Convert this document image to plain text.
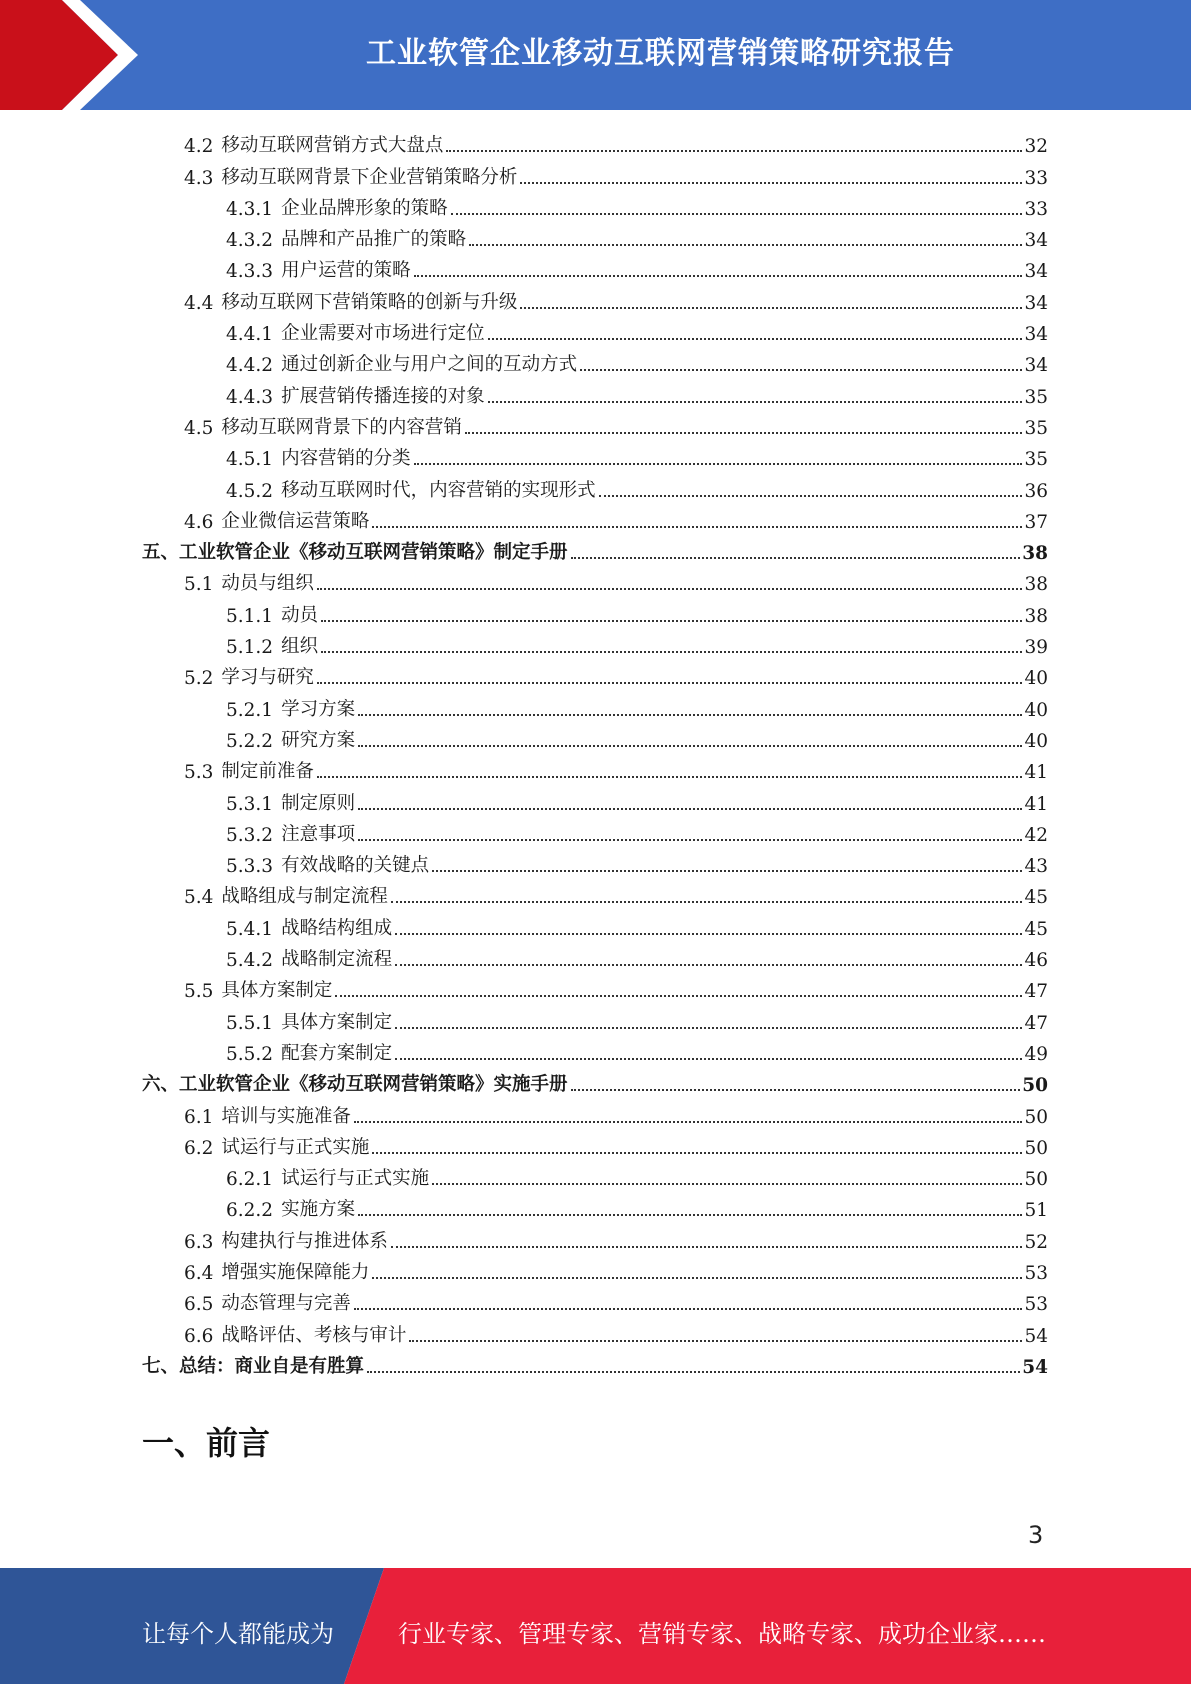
工业软管企业移动互联网营销策略研究报告
4.2 移动互联网营销方式大盘点	32
4.3 移动互联网背景下企业营销策略分析	33
4.3.1 企业品牌形象的策略	33
4.3.2 品牌和产品推广的策略	34
4.3.3 用户运营的策略	34
4.4 移动互联网下营销策略的创新与升级	34
4.4.1 企业需要对市场进行定位	34
4.4.2 通过创新企业与用户之间的互动方式	34
4.4.3 扩展营销传播连接的对象	35
4.5 移动互联网背景下的内容营销	35
4.5.1 内容营销的分类	35
4.5.2 移动互联网时代，内容营销的实现形式	36
4.6 企业微信运营策略	37
五、工业软管企业《移动互联网营销策略》制定手册	38
5.1 动员与组织	38
5.1.1 动员	38
5.1.2 组织	39
5.2 学习与研究	40
5.2.1 学习方案	40
5.2.2 研究方案	40
5.3 制定前准备	41
5.3.1 制定原则	41
5.3.2 注意事项	42
5.3.3 有效战略的关键点	43
5.4 战略组成与制定流程	45
5.4.1 战略结构组成	45
5.4.2 战略制定流程	46
5.5 具体方案制定	47
5.5.1 具体方案制定	47
5.5.2 配套方案制定	49
六、工业软管企业《移动互联网营销策略》实施手册	50
6.1 培训与实施准备	50
6.2 试运行与正式实施	50
6.2.1 试运行与正式实施	50
6.2.2 实施方案	51
6.3 构建执行与推进体系	52
6.4 增强实施保障能力	53
6.5 动态管理与完善	53
6.6 战略评估、考核与审计	54
七、总结：商业自是有胜算	54
一、前言
3
让每个人都能成为	行业专家、管理专家、营销专家、战略专家、成功企业家……
